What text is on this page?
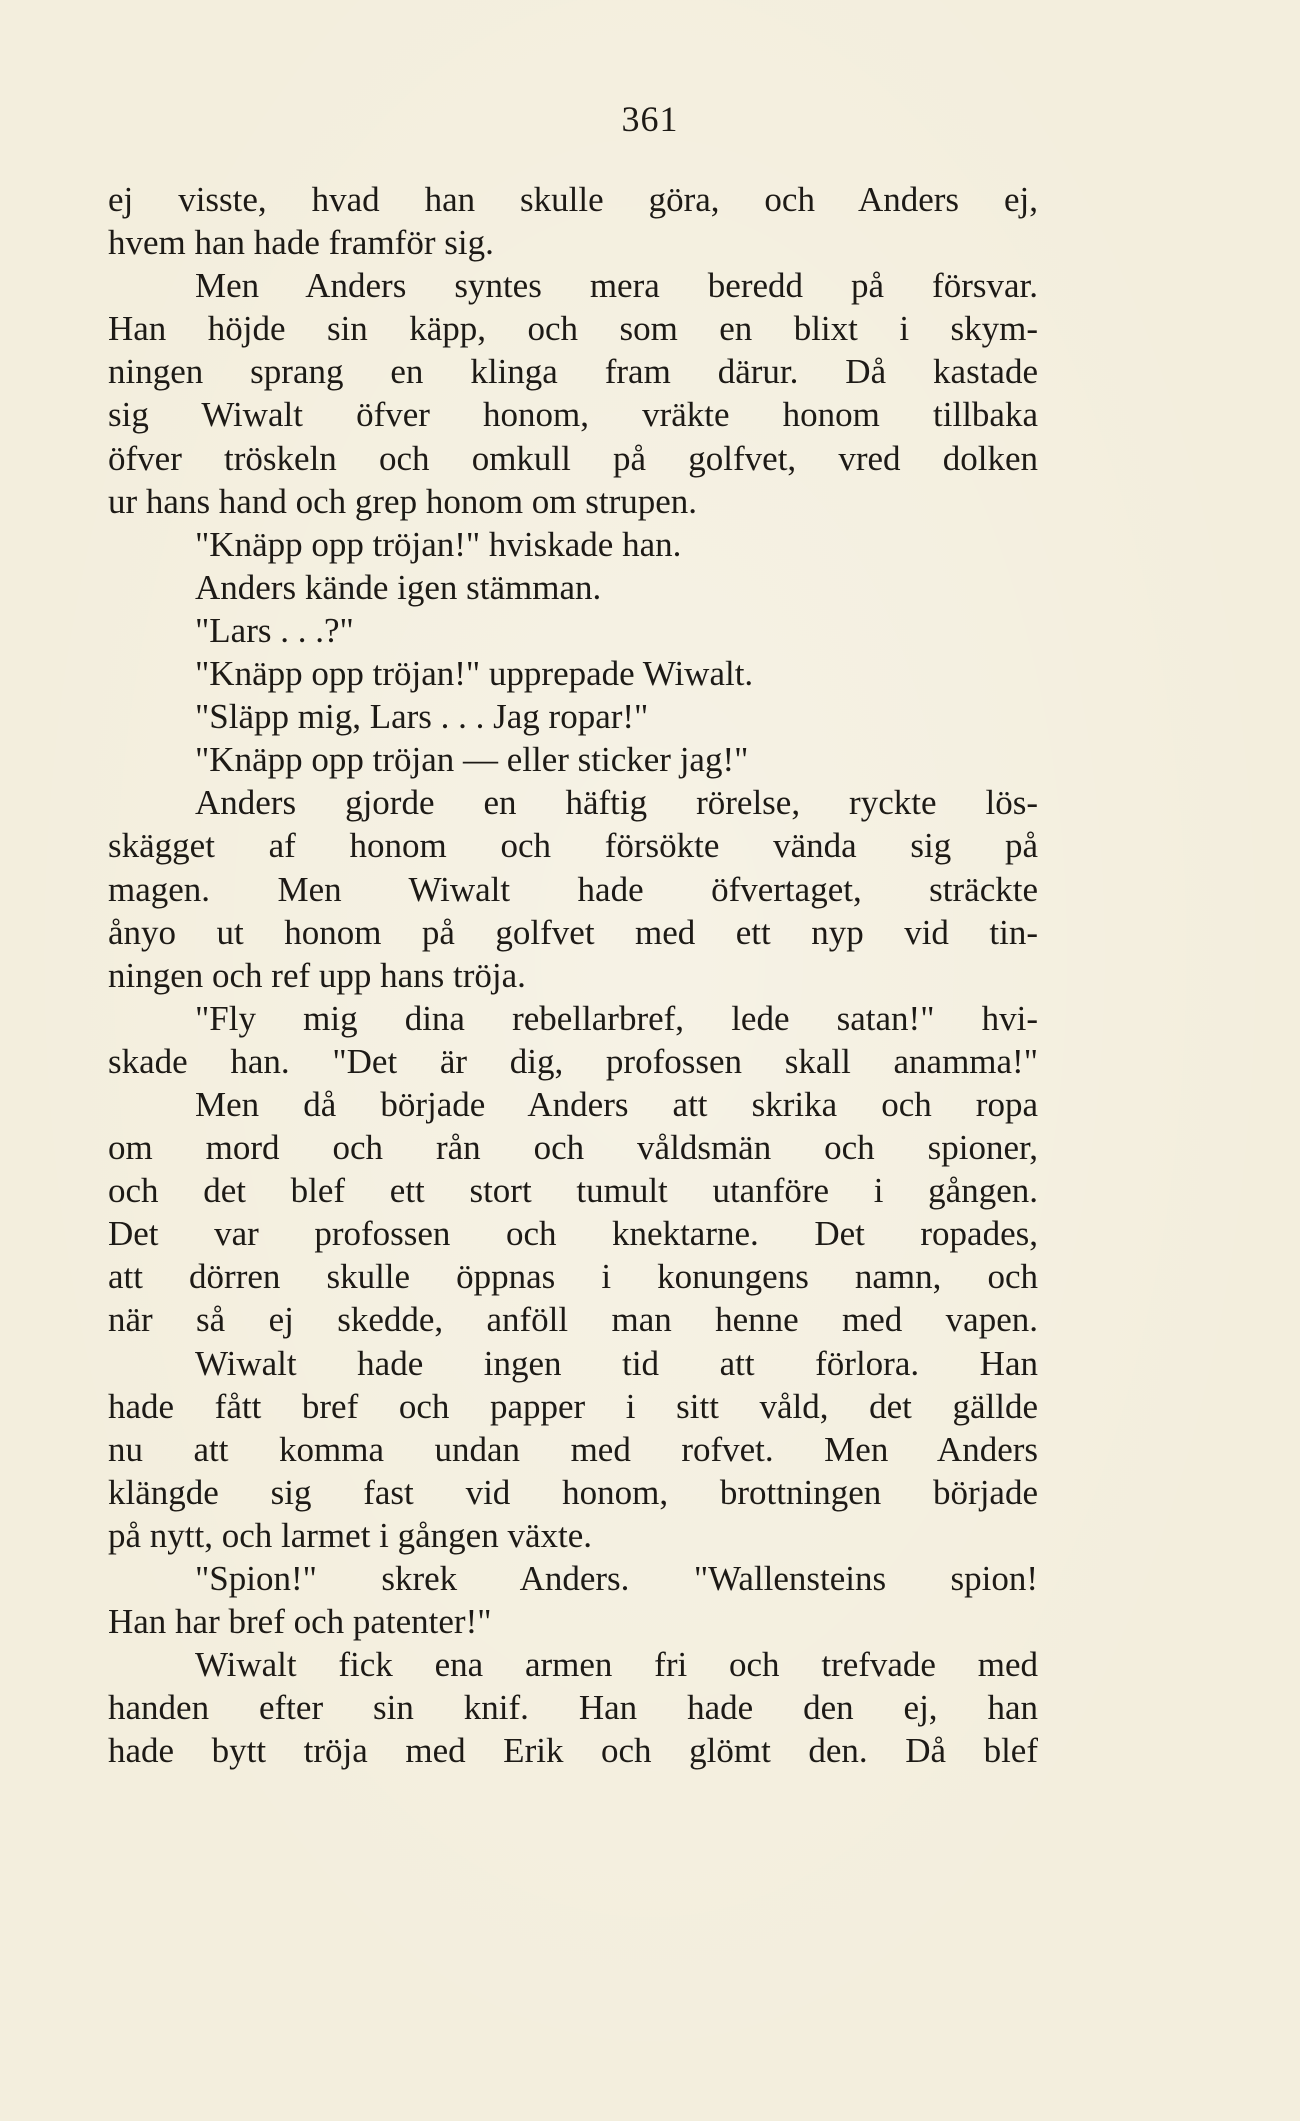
361
ej visste, hvad han skulle göra, och Anders ej,
hvem han hade framför sig.
Men Anders syntes mera beredd på försvar.
Han höjde sin käpp, och som en blixt i skym-
ningen sprang en klinga fram därur. Då kastade
sig Wiwalt öfver honom, vräkte honom tillbaka
öfver tröskeln och omkull på golfvet, vred dolken
ur hans hand och grep honom om strupen.
"Knäpp opp tröjan!" hviskade han.
Anders kände igen stämman.
"Lars . . .?"
"Knäpp opp tröjan!" upprepade Wiwalt.
"Släpp mig, Lars . . . Jag ropar!"
"Knäpp opp tröjan — eller sticker jag!"
Anders gjorde en häftig rörelse, ryckte lös-
skägget af honom och försökte vända sig på
magen. Men Wiwalt hade öfvertaget, sträckte
ånyo ut honom på golfvet med ett nyp vid tin-
ningen och ref upp hans tröja.
"Fly mig dina rebellarbref, lede satan!" hvi-
skade han. "Det är dig, profossen skall anamma!"
Men då började Anders att skrika och ropa
om mord och rån och våldsmän och spioner,
och det blef ett stort tumult utanföre i gången.
Det var profossen och knektarne. Det ropades,
att dörren skulle öppnas i konungens namn, och
när så ej skedde, anföll man henne med vapen.
Wiwalt hade ingen tid att förlora. Han
hade fått bref och papper i sitt våld, det gällde
nu att komma undan med rofvet. Men Anders
klängde sig fast vid honom, brottningen började
på nytt, och larmet i gången växte.
"Spion!" skrek Anders. "Wallensteins spion!
Han har bref och patenter!"
Wiwalt fick ena armen fri och trefvade med
handen efter sin knif. Han hade den ej, han
hade bytt tröja med Erik och glömt den. Då blef
